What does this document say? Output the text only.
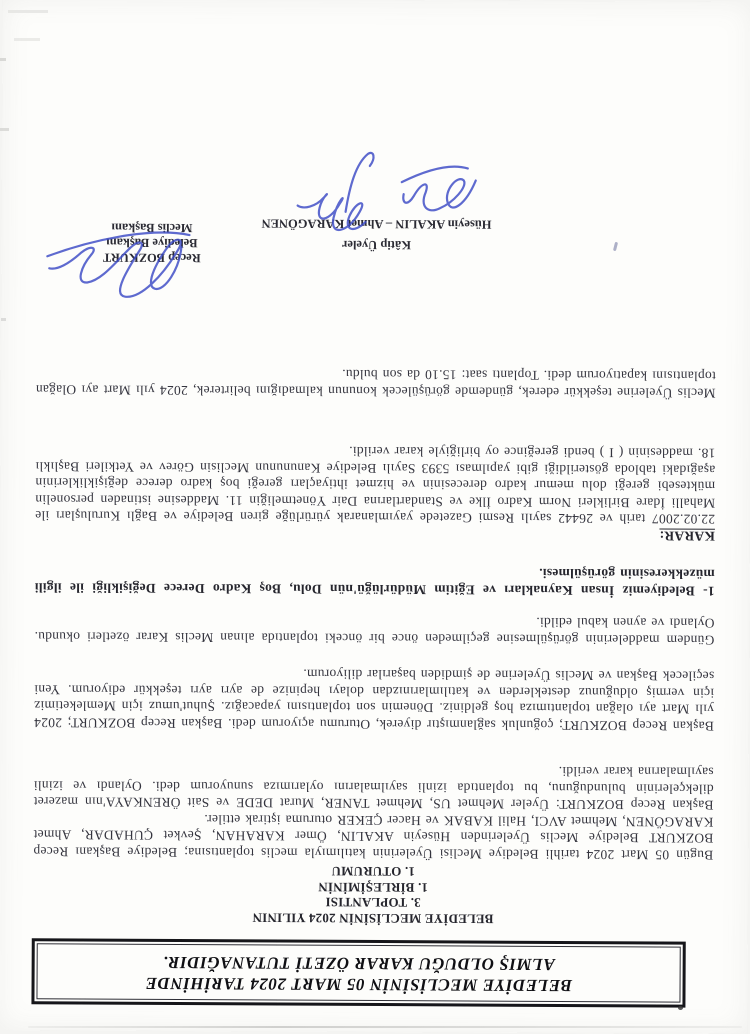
BELEDİYE MECLİSİNİN 05 MART 2024 TARİHİNDE
ALMIŞ OLDUĞU KARAR ÖZETİ TUTANAĞIDIR.
BELEDİYE MECLİSİNİN 2024 YILININ
3. TOPLANTISI
1. BİRLEŞİMİNİN
1. OTURUMU

Bugün 05 Mart 2024 tarihli Belediye Meclisi Üyelerinin katılımıyla meclis toplantısına; Belediye Başkanı Recep BOZKURT Belediye Meclis Üyelerinden Hüseyin AKALIN, Ömer KARAHAN, Şevket ÇUHADAR, Ahmet KARAGÖNEN, Mehmet AVCI, Halil KABAK ve Hacer ÇEKER oturuma iştirak ettiler.

Başkan Recep BOZKURT: Üyeler Mehmet US, Mehmet TANER, Murat DEDE ve Sait ÖRENKAYA'nın mazeret dilekçelerinin bulunduğunu, bu toplantıda izinli sayılmalarını oylarımıza sunuyorum dedi. Oylandı ve izinli sayılmalarına karar verildi.

Başkan Recep BOZKURT; çoğunluk sağlanmıştır diyerek, Oturumu açıyorum dedi. Başkan Recep BOZKURT; 2024 yılı Mart ayı olağan toplantımıza hoş geldiniz. Dönemin son toplantısını yapacağız. Şuhut'umuz için Memleketimiz için vermiş olduğunuz desteklerden ve katılımlarınızdan dolayı hepinize de ayrı ayrı teşekkür ediyorum. Yeni seçilecek Başkan ve Meclis Üyelerine de şimdiden başarılar diliyorum.

Gündem maddelerinin görüşülmesine geçilmeden önce bir önceki toplantıda alınan Meclis Karar özetleri okundu. Oylandı ve aynen kabul edildi.

1- Belediyemiz İnsan Kaynakları ve Eğitim Müdürlüğü'nün Dolu, Boş Kadro Derece Değişikliği ile ilgili müzekkeresinin görüşülmesi.

KARAR:

22.02.2007 tarih ve 26442 sayılı Resmi Gazetede yayımlanarak yürürlüğe giren Belediye ve Bağlı Kuruluşları ile Mahalli İdare Birlikleri Norm Kadro İlke ve Standartlarına Dair Yönetmeliğin 11. Maddesine istinaden personelin müktesebi gereği dolu memur kadro derecesinin ve hizmet ihtiyaçları gereği boş kadro derece değişikliklerinin aşağıdaki tabloda gösterildiği gibi yapılması 5393 Sayılı Belediye Kanununun Meclisin Görev ve Yetkileri Başlıklı 18. maddesinin ( I ) bendi gereğince oy birliğiyle karar verildi.

Meclis Üyelerine teşekkür ederek, gündemde görüşülecek konunun kalmadığını belirterek, 2024 yılı Mart ayı Olağan toplantısını kapatıyorum dedi. Toplantı saat: 15.10 da son buldu.

Kâtip Üyeler
Hüseyin AKALIN – Ahmet KARAGÖNEN
Recep BOZKURT
Belediye Başkanı
Meclis Başkanı
